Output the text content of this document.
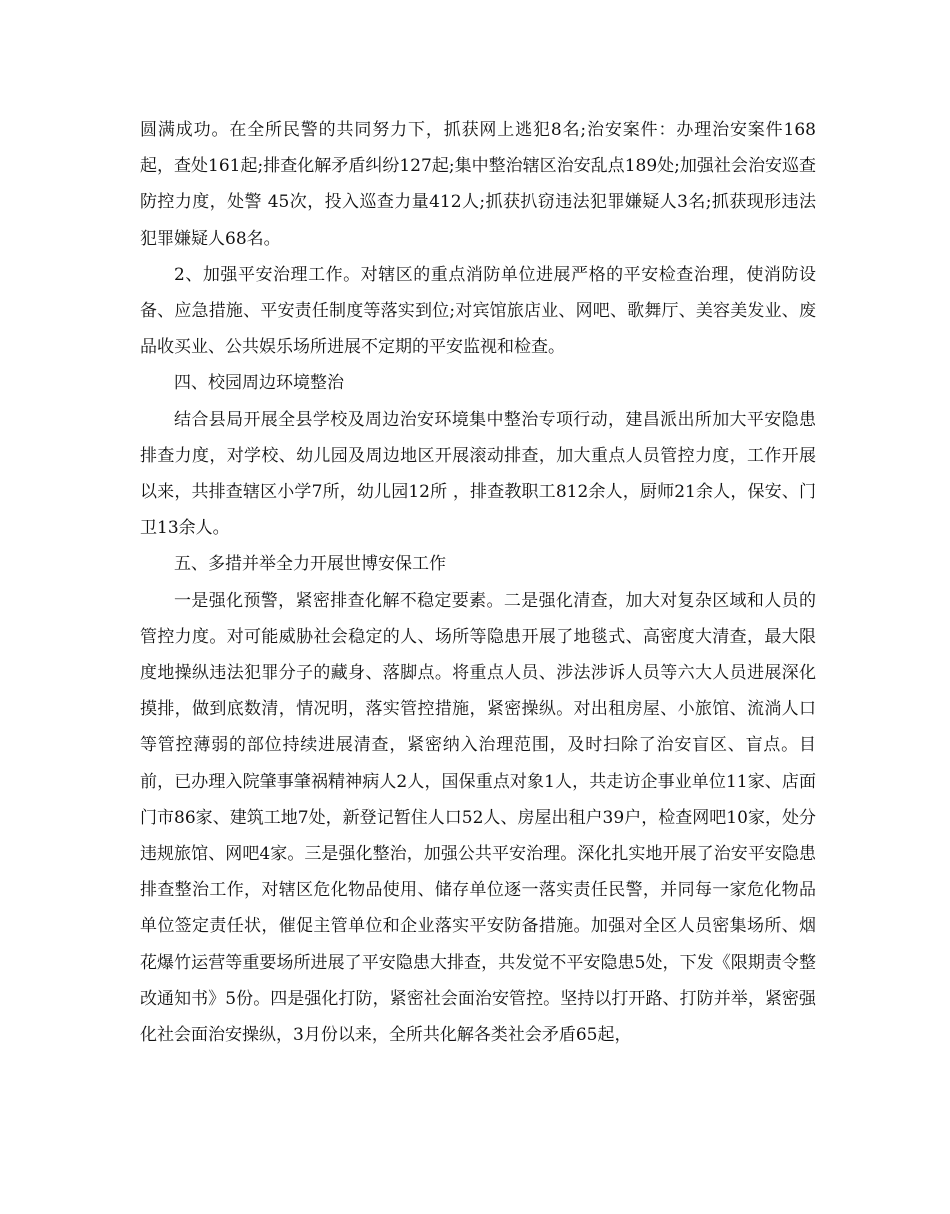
圆满成功。在全所民警的共同努力下，抓获网上逃犯8名;治安案件：办理治安案件168起，查处161起;排查化解矛盾纠纷127起;集中整治辖区治安乱点189处;加强社会治安巡查防控力度，处警 45次，投入巡查力量412人;抓获扒窃违法犯罪嫌疑人3名;抓获现形违法犯罪嫌疑人68名。

2、加强平安治理工作。对辖区的重点消防单位进展严格的平安检查治理，使消防设备、应急措施、平安责任制度等落实到位;对宾馆旅店业、网吧、歌舞厅、美容美发业、废品收买业、公共娱乐场所进展不定期的平安监视和检查。

四、校园周边环境整治

结合县局开展全县学校及周边治安环境集中整治专项行动，建昌派出所加大平安隐患排查力度，对学校、幼儿园及周边地区开展滚动排查，加大重点人员管控力度，工作开展以来，共排查辖区小学7所，幼儿园12所 ，排查教职工812余人，厨师21余人，保安、门卫13余人。

五、多措并举全力开展世博安保工作

一是强化预警，紧密排查化解不稳定要素。二是强化清查，加大对复杂区域和人员的管控力度。对可能威胁社会稳定的人、场所等隐患开展了地毯式、高密度大清查，最大限度地操纵违法犯罪分子的藏身、落脚点。将重点人员、涉法涉诉人员等六大人员进展深化摸排，做到底数清，情况明，落实管控措施，紧密操纵。对出租房屋、小旅馆、流淌人口等管控薄弱的部位持续进展清查，紧密纳入治理范围，及时扫除了治安盲区、盲点。目前，已办理入院肇事肇祸精神病人2人，国保重点对象1人，共走访企事业单位11家、店面门市86家、建筑工地7处，新登记暂住人口52人、房屋出租户39户，检查网吧10家，处分违规旅馆、网吧4家。三是强化整治，加强公共平安治理。深化扎实地开展了治安平安隐患排查整治工作，对辖区危化物品使用、储存单位逐一落实责任民警，并同每一家危化物品单位签定责任状，催促主管单位和企业落实平安防备措施。加强对全区人员密集场所、烟花爆竹运营等重要场所进展了平安隐患大排查，共发觉不平安隐患5处，下发《限期责令整改通知书》5份。四是强化打防，紧密社会面治安管控。坚持以打开路、打防并举，紧密强化社会面治安操纵，3月份以来，全所共化解各类社会矛盾65起，
